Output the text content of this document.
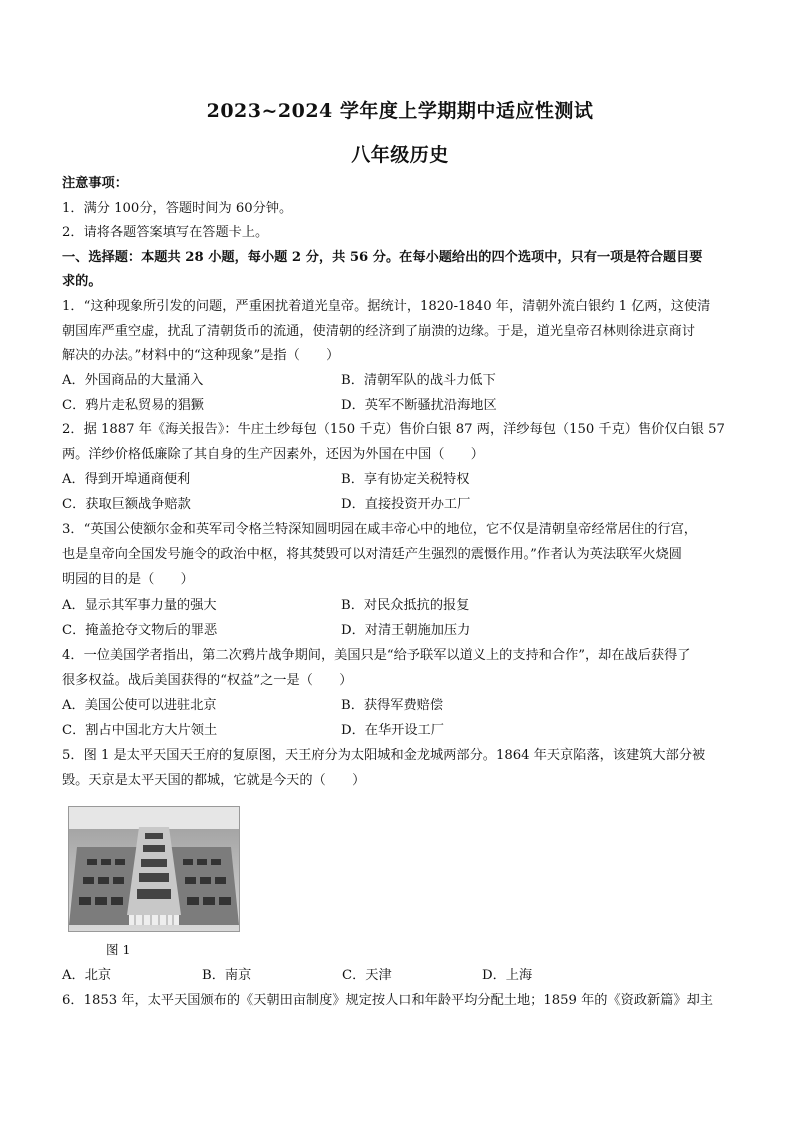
2023~2024 学年度上学期期中适应性测试
八年级历史
注意事项：
1．满分 100分，答题时间为 60分钟。
2．请将各题答案填写在答题卡上。
一、选择题：本题共 28 小题，每小题 2 分，共 56 分。在每小题给出的四个选项中，只有一项是符合题目要
求的。
1．“这种现象所引发的问题，严重困扰着道光皇帝。据统计，1820-1840 年，清朝外流白银约 1 亿两，这使清
朝国库严重空虚，扰乱了清朝货币的流通，使清朝的经济到了崩溃的边缘。于是，道光皇帝召林则徐进京商讨
解决的办法。”材料中的“这种现象”是指（　　）
A．外国商品的大量涌入	B．清朝军队的战斗力低下
C．鸦片走私贸易的猖獗	D．英军不断骚扰沿海地区
2．据 1887 年《海关报告》：牛庄土纱每包（150 千克）售价白银 87 两，洋纱每包（150 千克）售价仅白银 57
两。洋纱价格低廉除了其自身的生产因素外，还因为外国在中国（　　）
A．得到开埠通商便利	B．享有协定关税特权
C．获取巨额战争赔款	D．直接投资开办工厂
3．“英国公使额尔金和英军司令格兰特深知圆明园在咸丰帝心中的地位，它不仅是清朝皇帝经常居住的行宫，
也是皇帝向全国发号施令的政治中枢，将其焚毁可以对清廷产生强烈的震慑作用。”作者认为英法联军火烧圆
明园的目的是（　　）
A．显示其军事力量的强大	B．对民众抵抗的报复
C．掩盖抢夺文物后的罪恶	D．对清王朝施加压力
4．一位美国学者指出，第二次鸦片战争期间，美国只是“给予联军以道义上的支持和合作”，却在战后获得了
很多权益。战后美国获得的“权益”之一是（　　）
A．美国公使可以进驻北京	B．获得军费赔偿
C．割占中国北方大片领土	D．在华开设工厂
5．图 1 是太平天国天王府的复原图，天王府分为太阳城和金龙城两部分。1864 年天京陷落，该建筑大部分被
毁。天京是太平天国的都城，它就是今天的（　　）
图 1
A．北京	B．南京	C．天津	D．上海
6．1853 年，太平天国颁布的《天朝田亩制度》规定按人口和年龄平均分配土地；1859 年的《资政新篇》却主
